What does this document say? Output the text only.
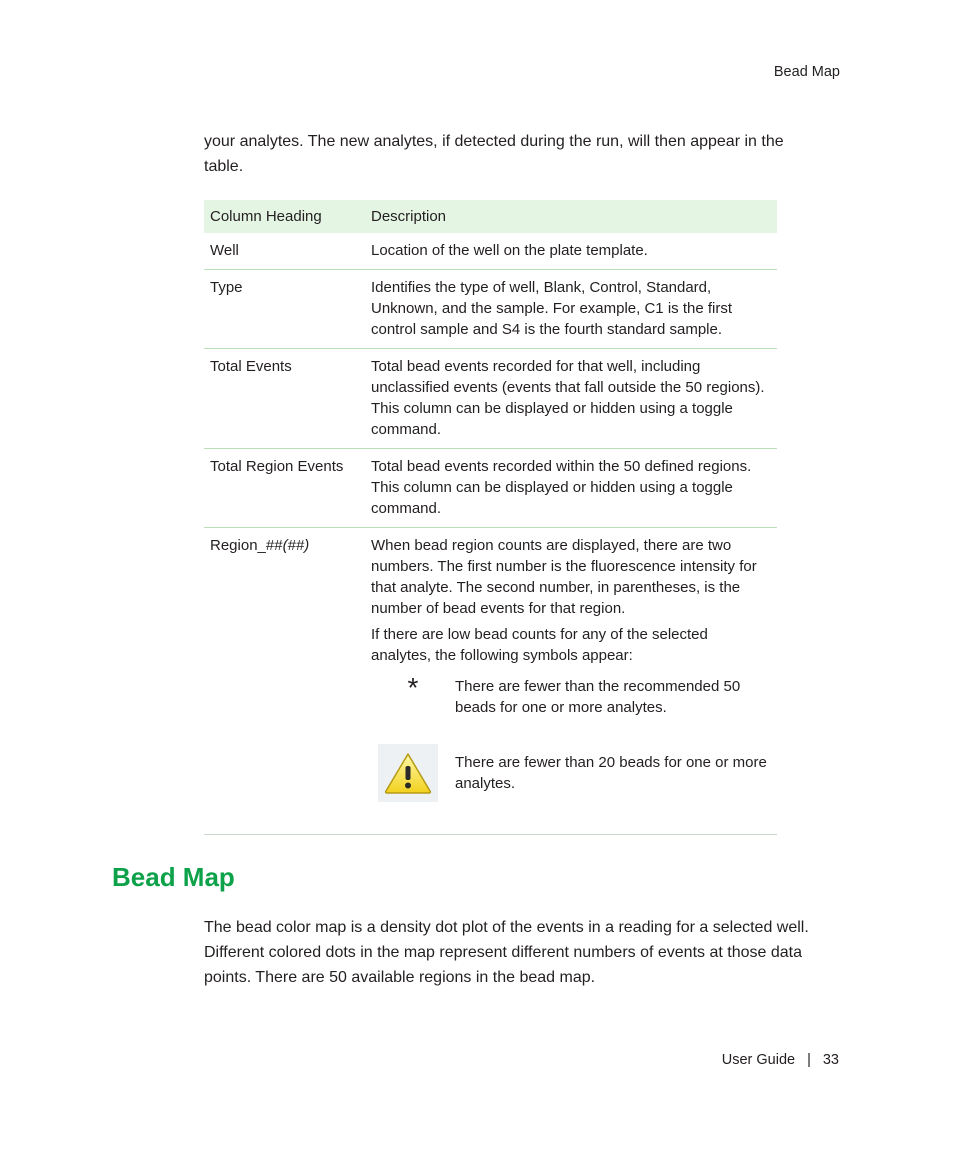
Bead Map

your analytes. The new analytes, if detected during the run, will then appear in the table.

Column Heading	Description
Well	Location of the well on the plate template.
Type	Identifies the type of well, Blank, Control, Standard, Unknown, and the sample. For example, C1 is the first control sample and S4 is the fourth standard sample.
Total Events	Total bead events recorded for that well, including unclassified events (events that fall outside the 50 regions). This column can be displayed or hidden using a toggle command.
Total Region Events	Total bead events recorded within the 50 defined regions. This column can be displayed or hidden using a toggle command.
Region_##(##)	When bead region counts are displayed, there are two numbers. The first number is the fluorescence intensity for that analyte. The second number, in parentheses, is the number of bead events for that region.

If there are low bead counts for any of the selected analytes, the following symbols appear:

* There are fewer than the recommended 50 beads for one or more analytes.
There are fewer than 20 beads for one or more analytes.
Bead Map

The bead color map is a density dot plot of the events in a reading for a selected well. Different colored dots in the map represent different numbers of events at those data points. There are 50 available regions in the bead map.

User Guide | 33
